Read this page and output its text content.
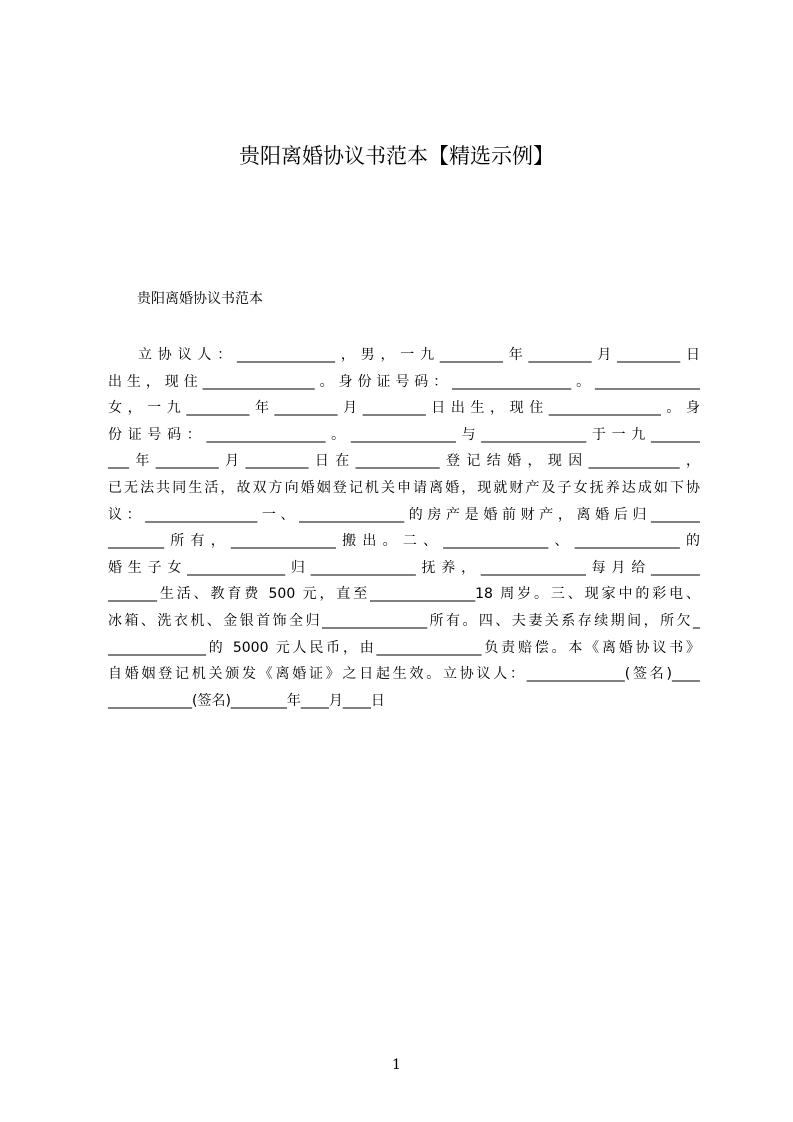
贵阳离婚协议书范本【精选示例】

贵阳离婚协议书范本

立协议人：______________，男，一九_________年_________月_________日
出生，现住________________。身份证号码：_________________。_______________
女，一九_________年_________月_________日出生，现住________________。身
份证号码：_________________。_______________与_______________于一九_______
___年_________月_________日在____________登记结婚，现因_____________，
已无法共同生活，故双方向婚姻登记机关申请离婚，现就财产及子女抚养达成如下协
议：________________一、_______________的房产是婚前财产，离婚后归_______
________所有，_______________搬出。二、_______________、_______________的
婚生子女______________归_______________抚养，_______________每月给_______
_______生活、教育费 500 元，直至_______________18 周岁。三、现家中的彩电、
冰箱、洗衣机、金银首饰全归_______________所有。四、夫妻关系存续期间，所欠_
______________的 5000 元人民币，由_______________负责赔偿。本《离婚协议书》
自婚姻登记机关颁发《离婚证》之日起生效。立协议人：______________(签名)____
____________(签名)________年____月____日
1
